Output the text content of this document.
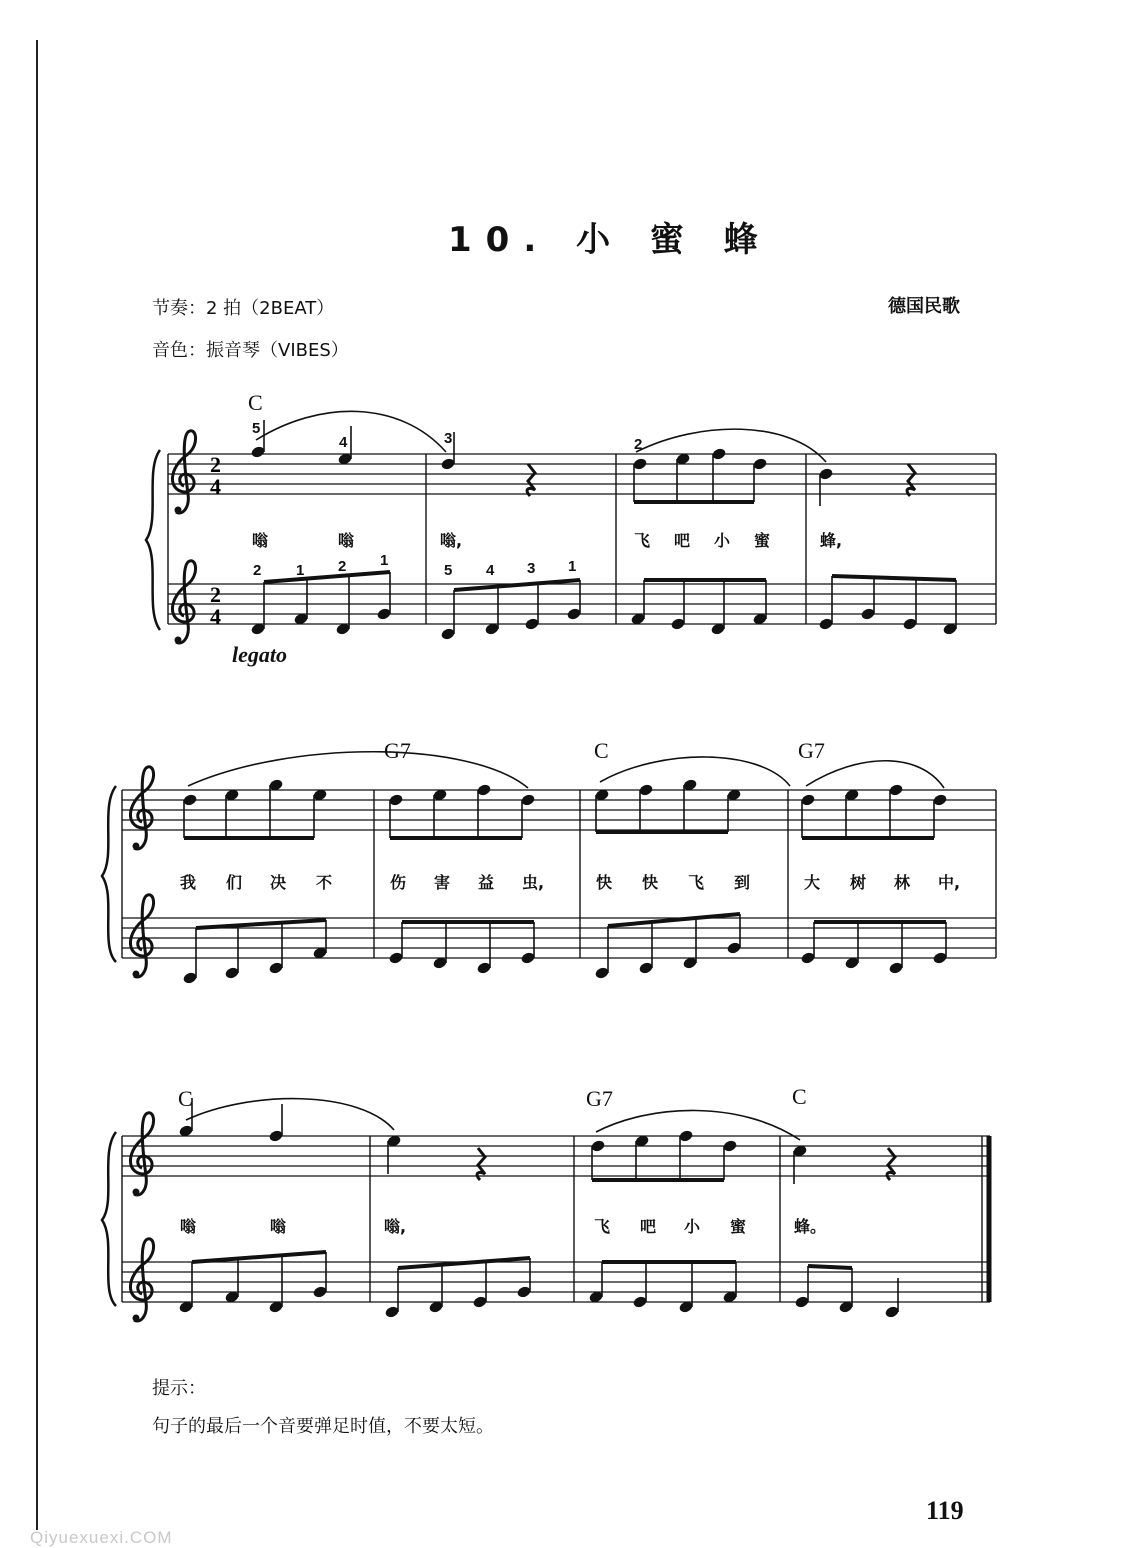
10. 小 蜜 蜂
节奏：2 拍（2BEAT）
音色：振音琴（VIBES）
德国民歌
2
4
2
4
C
5
4	3	2
2 1 2 1
5 4 3 1
嗡	嗡	嗡,	飞 吧 小 蜜	蜂,
legato
G7	C	G7
我 们 决 不	伤 害 益 虫,	快 快 飞 到	大 树 林 中,
C	G7	C
嗡	嗡	嗡,	飞 吧 小 蜜	蜂。
提示：
句子的最后一个音要弹足时值，不要太短。
119
Qiyuexuexi.COM
